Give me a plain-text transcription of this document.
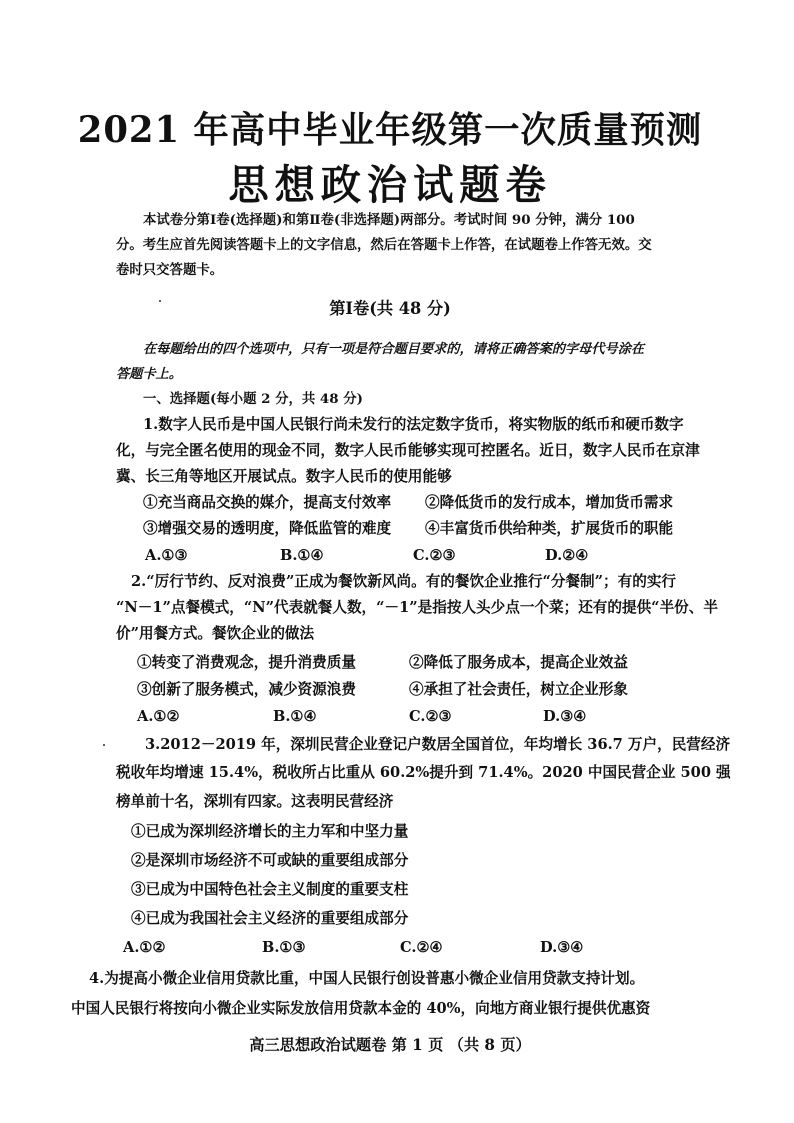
2021 年高中毕业年级第一次质量预测
思想政治试题卷
本试卷分第Ⅰ卷(选择题)和第Ⅱ卷(非选择题)两部分。考试时间 90 分钟，满分 100
分。考生应首先阅读答题卡上的文字信息，然后在答题卡上作答，在试题卷上作答无效。交
卷时只交答题卡。
第Ⅰ卷(共 48 分)
在每题给出的四个选项中，只有一项是符合题目要求的，请将正确答案的字母代号涂在
答题卡上。
一、选择题(每小题 2 分，共 48 分)
1.数字人民币是中国人民银行尚未发行的法定数字货币，将实物版的纸币和硬币数字
化，与完全匿名使用的现金不同，数字人民币能够实现可控匿名。近日，数字人民币在京津
冀、长三角等地区开展试点。数字人民币的使用能够
①充当商品交换的媒介，提高支付效率 ②降低货币的发行成本，增加货币需求
③增强交易的透明度，降低监管的难度 ④丰富货币供给种类，扩展货币的职能
A.①③	B.①④	C.②③	D.②④
2.“厉行节约、反对浪费”正成为餐饮新风尚。有的餐饮企业推行“分餐制”；有的实行
“N－1”点餐模式，“N”代表就餐人数，“－1”是指按人头少点一个菜；还有的提供“半份、半
价”用餐方式。餐饮企业的做法
①转变了消费观念，提升消费质量	②降低了服务成本，提高企业效益
③创新了服务模式，减少资源浪费	④承担了社会责任，树立企业形象
A.①②	B.①④	C.②③	D.③④
3.2012－2019 年，深圳民营企业登记户数居全国首位，年均增长 36.7 万户，民营经济
税收年均增速 15.4%，税收所占比重从 60.2%提升到 71.4%。2020 中国民营企业 500 强
榜单前十名，深圳有四家。这表明民营经济
①已成为深圳经济增长的主力军和中坚力量
②是深圳市场经济不可或缺的重要组成部分
③已成为中国特色社会主义制度的重要支柱
④已成为我国社会主义经济的重要组成部分
A.①②	B.①③	C.②④	D.③④
4.为提高小微企业信用贷款比重，中国人民银行创设普惠小微企业信用贷款支持计划。
中国人民银行将按向小微企业实际发放信用贷款本金的 40%，向地方商业银行提供优惠资
高三思想政治试题卷 第 1 页 （共 8 页）
